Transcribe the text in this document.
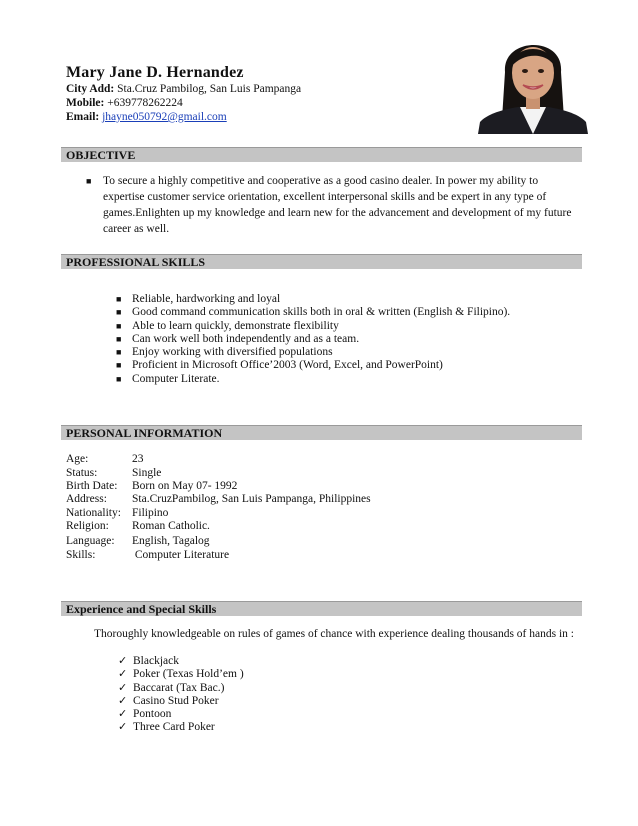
Mary Jane D. Hernandez
City Add: Sta.Cruz Pambilog, San Luis Pampanga
Mobile: +639778262224
Email: jhayne050792@gmail.com
OBJECTIVE
■ To secure a highly competitive and cooperative as a good casino dealer. In power my ability to expertise customer service orientation, excellent interpersonal skills and be expert in any type of games.Enlighten up my knowledge and learn new for the advancement and development of my future career as well.
PROFESSIONAL SKILLS
■ Reliable, hardworking and loyal
■ Good command communication skills both in oral & written (English & Filipino).
■ Able to learn quickly, demonstrate flexibility
■ Can work well both independently and as a team.
■ Enjoy working with diversified populations
■ Proficient in Microsoft Office’2003 (Word, Excel, and PowerPoint)
■ Computer Literate.
PERSONAL INFORMATION
Age:	23
Status:	Single
Birth Date: Born on May 07- 1992
Address: Sta.CruzPambilog, San Luis Pampanga, Philippines
Nationality: Filipino
Religion: Roman Catholic.
Language: English, Tagalog
Skills:	Computer Literature
Experience and Special Skills
Thoroughly knowledgeable on rules of games of chance with experience dealing thousands of hands in :
✓ Blackjack
✓ Poker (Texas Hold’em )
✓ Baccarat (Tax Bac.)
✓ Casino Stud Poker
✓ Pontoon
✓ Three Card Poker
